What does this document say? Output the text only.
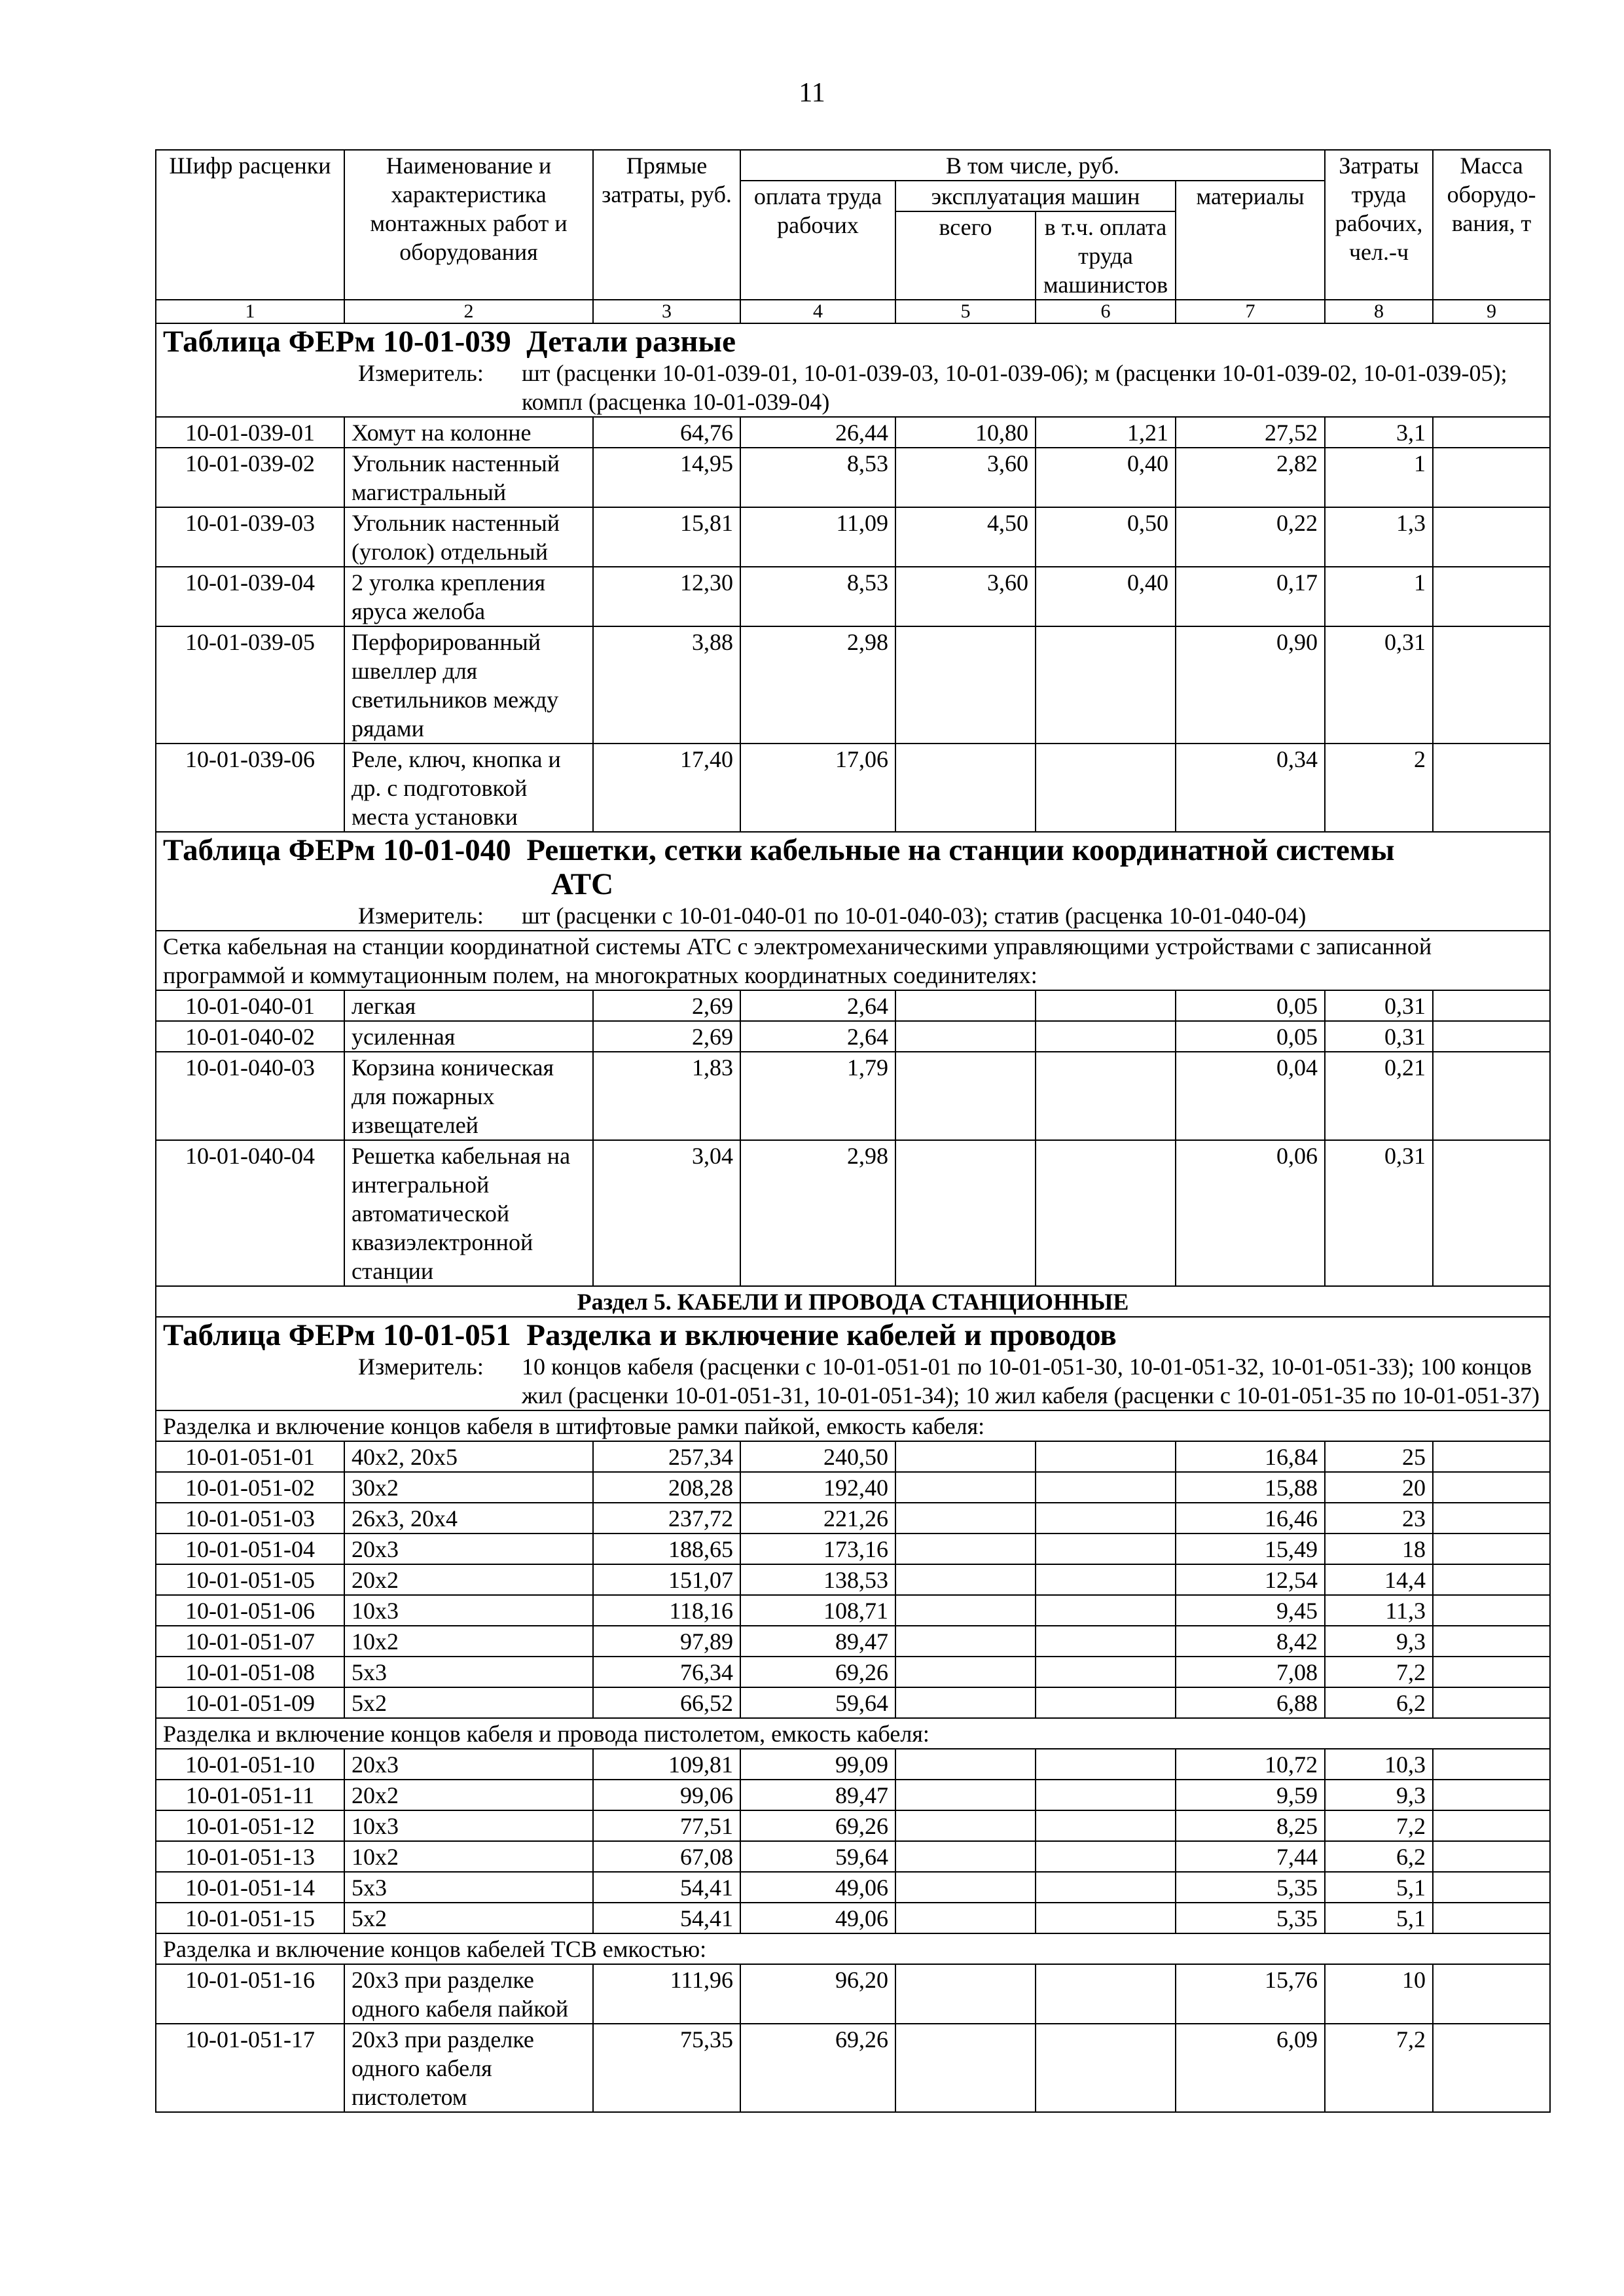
11
Шифр расценки	Наименование и характеристика монтажных работ и оборудования	Прямые затраты, руб.	В том числе, руб.				Затраты труда рабочих, чел.-ч	Масса оборудо-вания, т
			оплата труда рабочих	эксплуатация машин		материалы		
				всего	в т.ч. оплата труда машинистов			
1	2	3	4	5	6	7	8	9

Таблица ФЕРм 10-01-039 Детали разные
Измеритель: шт (расценки 10-01-039-01, 10-01-039-03, 10-01-039-06); м (расценки 10-01-039-02, 10-01-039-05); компл (расценка 10-01-039-04)								

10-01-039-01	Хомут на колонне	64,76	26,44	10,80	1,21	27,52	3,1	
10-01-039-02	Угольник настенный магистральный	14,95	8,53	3,60	0,40	2,82	1	
10-01-039-03	Угольник настенный (уголок) отдельный	15,81	11,09	4,50	0,50	0,22	1,3	
10-01-039-04	2 уголка крепления яруса желоба	12,30	8,53	3,60	0,40	0,17	1	
10-01-039-05	Перфорированный швеллер для светильников между рядами	3,88	2,98			0,90	0,31	
10-01-039-06	Реле, ключ, кнопка и др. с подготовкой места установки	17,40	17,06			0,34	2	

Таблица ФЕРм 10-01-040 Решетки, сетки кабельные на станции координатной системы
АТС
Измеритель: шт (расценки с 10-01-040-01 по 10-01-040-03); статив (расценка 10-01-040-04)								

Сетка кабельная на станции координатной системы АТС с электромеханическими управляющими устройствами с записанной программой и коммутационным полем, на многократных координатных соединителях:								
10-01-040-01	легкая	2,69	2,64			0,05	0,31	
10-01-040-02	усиленная	2,69	2,64			0,05	0,31	
10-01-040-03	Корзина коническая для пожарных извещателей	1,83	1,79			0,04	0,21	
10-01-040-04	Решетка кабельная на интегральной автоматической квазиэлектронной станции	3,04	2,98			0,06	0,31	
Раздел 5. КАБЕЛИ И ПРОВОДА СТАНЦИОННЫЕ								

Таблица ФЕРм 10-01-051 Разделка и включение кабелей и проводов
Измеритель: 10 концов кабеля (расценки с 10-01-051-01 по 10-01-051-30, 10-01-051-32, 10-01-051-33); 100 концов жил (расценки 10-01-051-31, 10-01-051-34); 10 жил кабеля (расценки с 10-01-051-35 по 10-01-051-37)								

Разделка и включение концов кабеля в штифтовые рамки пайкой, емкость кабеля:								
10-01-051-01	40х2, 20х5	257,34	240,50			16,84	25	
10-01-051-02	30х2	208,28	192,40			15,88	20	
10-01-051-03	26х3, 20х4	237,72	221,26			16,46	23	
10-01-051-04	20х3	188,65	173,16			15,49	18	
10-01-051-05	20х2	151,07	138,53			12,54	14,4	
10-01-051-06	10х3	118,16	108,71			9,45	11,3	
10-01-051-07	10х2	97,89	89,47			8,42	9,3	
10-01-051-08	5х3	76,34	69,26			7,08	7,2	
10-01-051-09	5х2	66,52	59,64			6,88	6,2	
Разделка и включение концов кабеля и провода пистолетом, емкость кабеля:								
10-01-051-10	20х3	109,81	99,09			10,72	10,3	
10-01-051-11	20х2	99,06	89,47			9,59	9,3	
10-01-051-12	10х3	77,51	69,26			8,25	7,2	
10-01-051-13	10х2	67,08	59,64			7,44	6,2	
10-01-051-14	5х3	54,41	49,06			5,35	5,1	
10-01-051-15	5х2	54,41	49,06			5,35	5,1	
Разделка и включение концов кабелей ТСВ емкостью:								
10-01-051-16	20х3 при разделке одного кабеля пайкой	111,96	96,20			15,76	10	
10-01-051-17	20х3 при разделке одного кабеля пистолетом	75,35	69,26			6,09	7,2	
